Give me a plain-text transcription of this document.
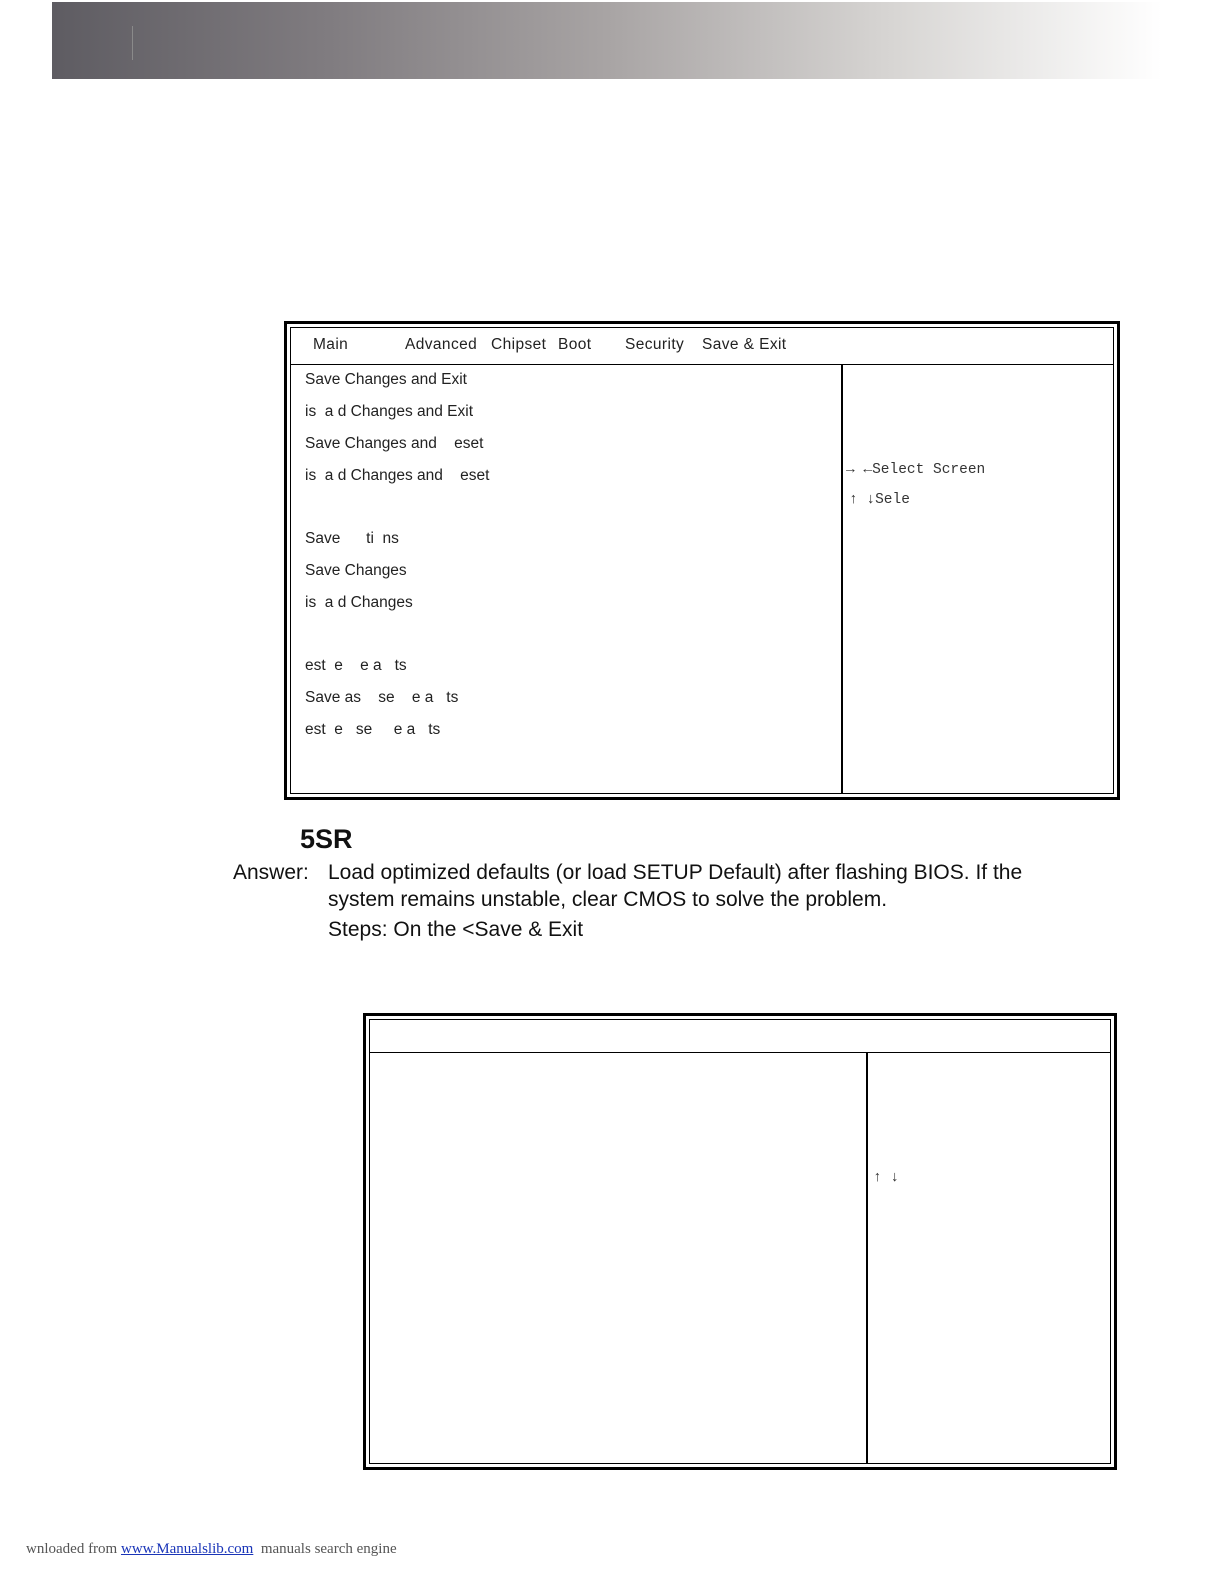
Main	Advanced Chipset Boot Security Save & Exit
Save Changes and Exit
is  a d Changes and Exit
Save Changes and    eset
is  a d Changes and    eset
Save      ti  ns
Save Changes
is  a d Changes
est  e    e a   ts
Save as    se    e a   ts
est  e   se     e a   ts
→ ←Select Screen
↑ ↓Sele
5SR
Answer: Load optimized defaults (or load SETUP Default) after flashing BIOS. If the
system remains unstable, clear CMOS to solve the problem.
Steps: On the <Save & Exit
↑ ↓
wnloaded from www.Manualslib.com  manuals search engine
